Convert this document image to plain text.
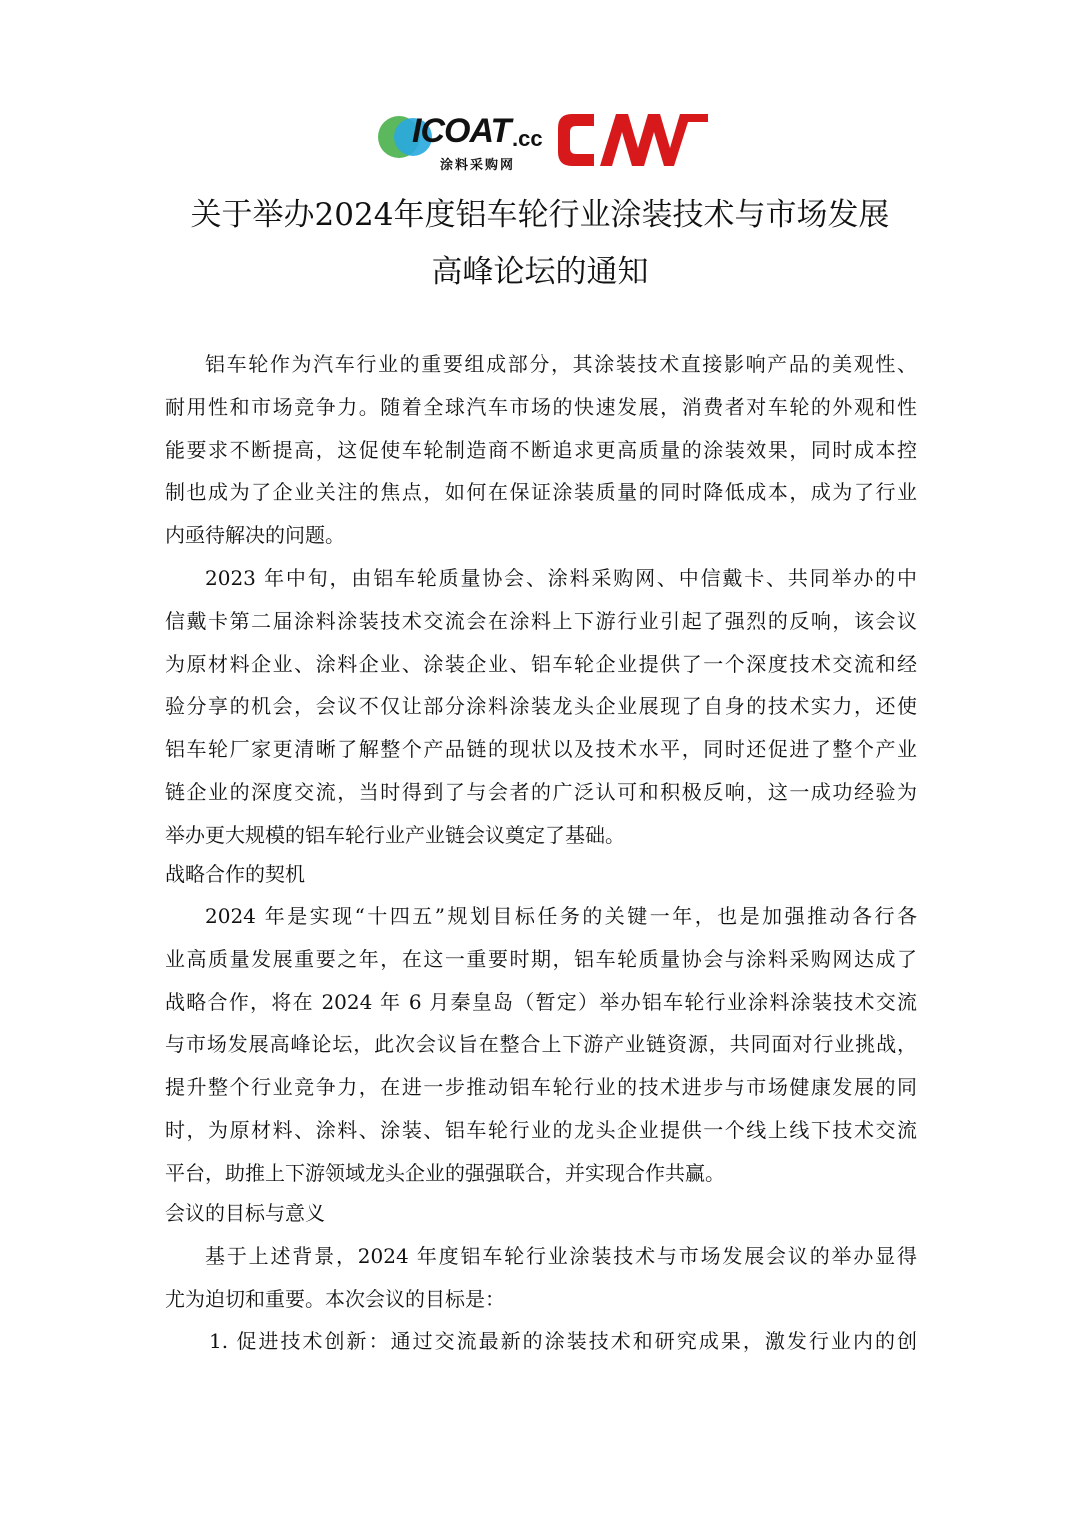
ICOAT .cc
涂料采购网
关于举办2024年度铝车轮行业涂装技术与市场发展
高峰论坛的通知
铝车轮作为汽车行业的重要组成部分，其涂装技术直接影响产品的美观性、
耐用性和市场竞争力。随着全球汽车市场的快速发展，消费者对车轮的外观和性
能要求不断提高，这促使车轮制造商不断追求更高质量的涂装效果，同时成本控
制也成为了企业关注的焦点，如何在保证涂装质量的同时降低成本，成为了行业
内亟待解决的问题。
2023 年中旬，由铝车轮质量协会、涂料采购网、中信戴卡、共同举办的中
信戴卡第二届涂料涂装技术交流会在涂料上下游行业引起了强烈的反响，该会议
为原材料企业、涂料企业、涂装企业、铝车轮企业提供了一个深度技术交流和经
验分享的机会，会议不仅让部分涂料涂装龙头企业展现了自身的技术实力，还使
铝车轮厂家更清晰了解整个产品链的现状以及技术水平，同时还促进了整个产业
链企业的深度交流，当时得到了与会者的广泛认可和积极反响，这一成功经验为
举办更大规模的铝车轮行业产业链会议奠定了基础。
战略合作的契机
2024 年是实现“十四五”规划目标任务的关键一年，也是加强推动各行各
业高质量发展重要之年，在这一重要时期，铝车轮质量协会与涂料采购网达成了
战略合作，将在 2024 年 6 月秦皇岛（暂定）举办铝车轮行业涂料涂装技术交流
与市场发展高峰论坛，此次会议旨在整合上下游产业链资源，共同面对行业挑战，
提升整个行业竞争力，在进一步推动铝车轮行业的技术进步与市场健康发展的同
时，为原材料、涂料、涂装、铝车轮行业的龙头企业提供一个线上线下技术交流
平台，助推上下游领域龙头企业的强强联合，并实现合作共赢。
会议的目标与意义
基于上述背景，2024 年度铝车轮行业涂装技术与市场发展会议的举办显得
尤为迫切和重要。本次会议的目标是：
1. 促进技术创新：通过交流最新的涂装技术和研究成果，激发行业内的创
